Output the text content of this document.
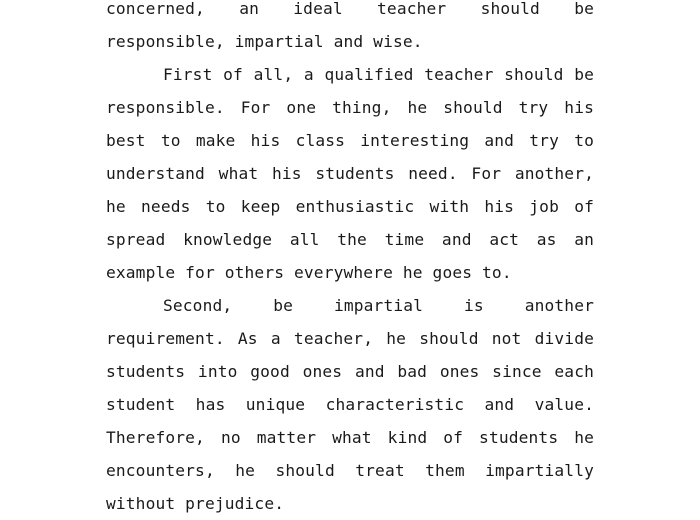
concerned, an ideal teacher should be responsible, impartial and wise.

First of all, a qualified teacher should be responsible. For one thing, he should try his best to make his class interesting and try to understand what his students need. For another, he needs to keep enthusiastic with his job of spread knowledge all the time and act as an example for others everywhere he goes to.

Second, be impartial is another requirement. As a teacher, he should not divide students into good ones and bad ones since each student has unique characteristic and value. Therefore, no matter what kind of students he encounters, he should treat them impartially without prejudice.
